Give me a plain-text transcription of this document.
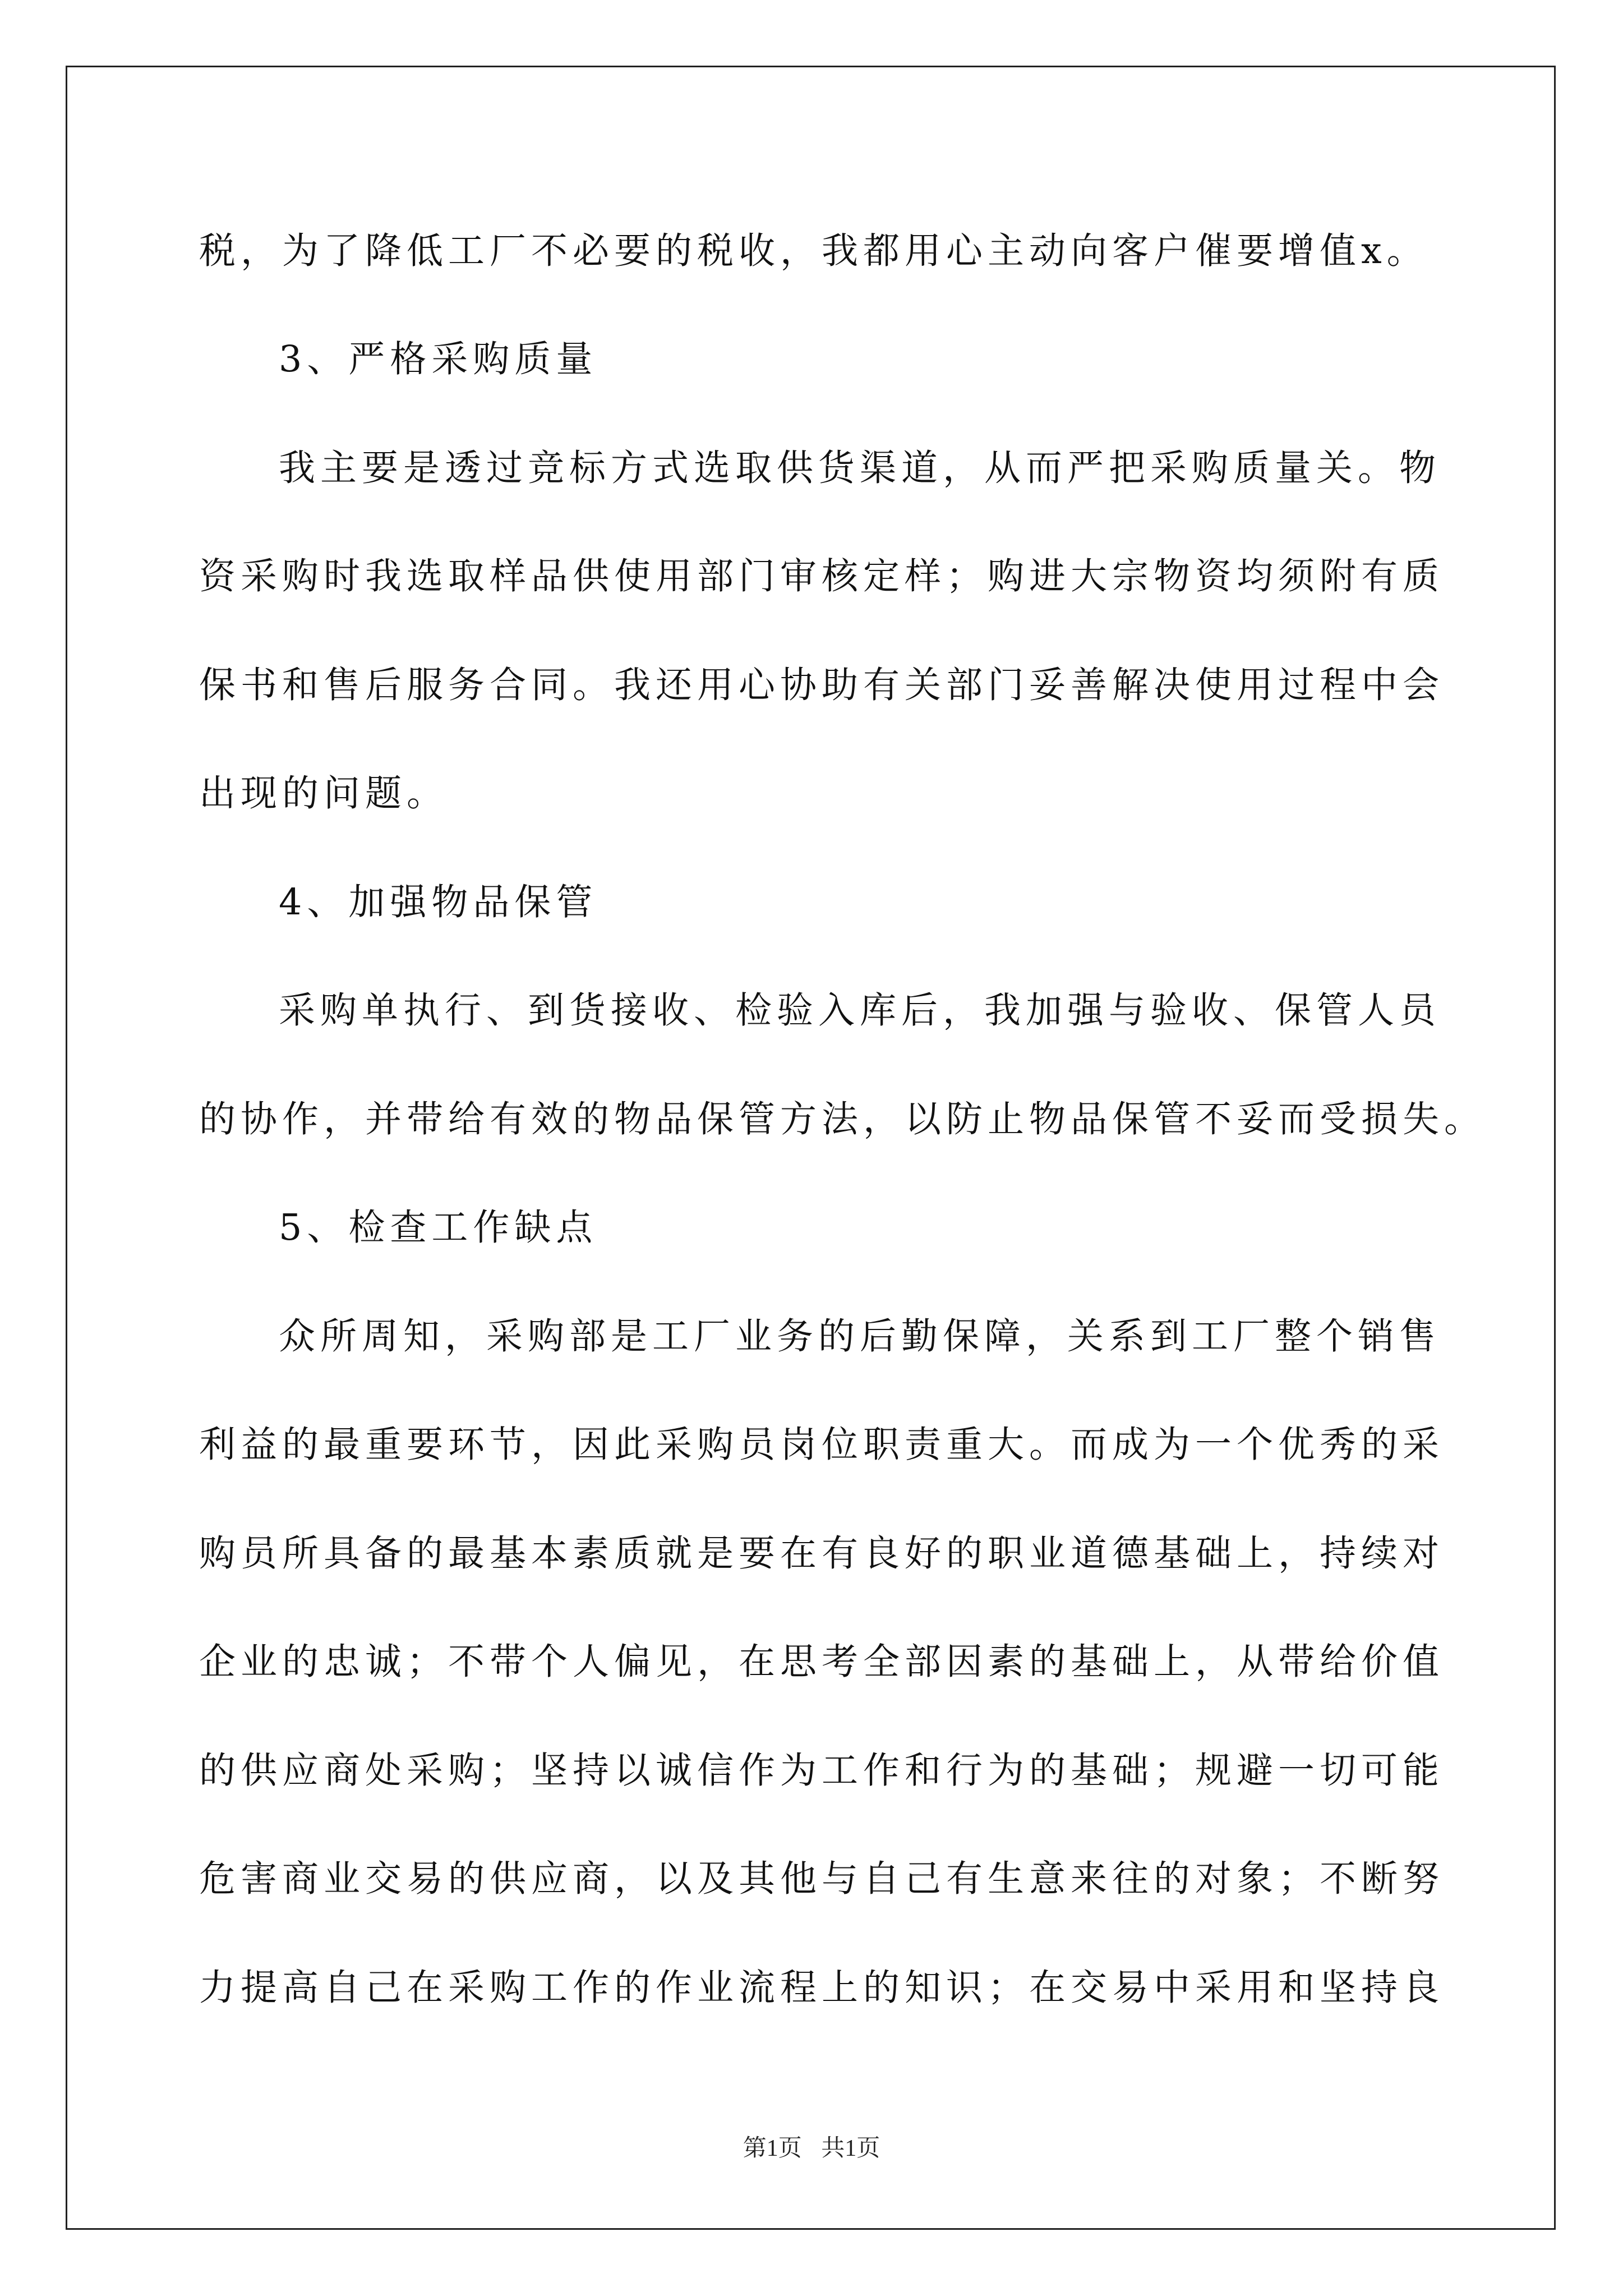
税，为了降低工厂不必要的税收，我都用心主动向客户催要增值x。
3、严格采购质量
我主要是透过竞标方式选取供货渠道，从而严把采购质量关。物
资采购时我选取样品供使用部门审核定样；购进大宗物资均须附有质
保书和售后服务合同。我还用心协助有关部门妥善解决使用过程中会
出现的问题。
4、加强物品保管
采购单执行、到货接收、检验入库后，我加强与验收、保管人员
的协作，并带给有效的物品保管方法，以防止物品保管不妥而受损失。
5、检查工作缺点
众所周知，采购部是工厂业务的后勤保障，关系到工厂整个销售
利益的最重要环节，因此采购员岗位职责重大。而成为一个优秀的采
购员所具备的最基本素质就是要在有良好的职业道德基础上，持续对
企业的忠诚；不带个人偏见，在思考全部因素的基础上，从带给价值
的供应商处采购；坚持以诚信作为工作和行为的基础；规避一切可能
危害商业交易的供应商，以及其他与自己有生意来往的对象；不断努
力提高自己在采购工作的作业流程上的知识；在交易中采用和坚持良
第1页 共1页
